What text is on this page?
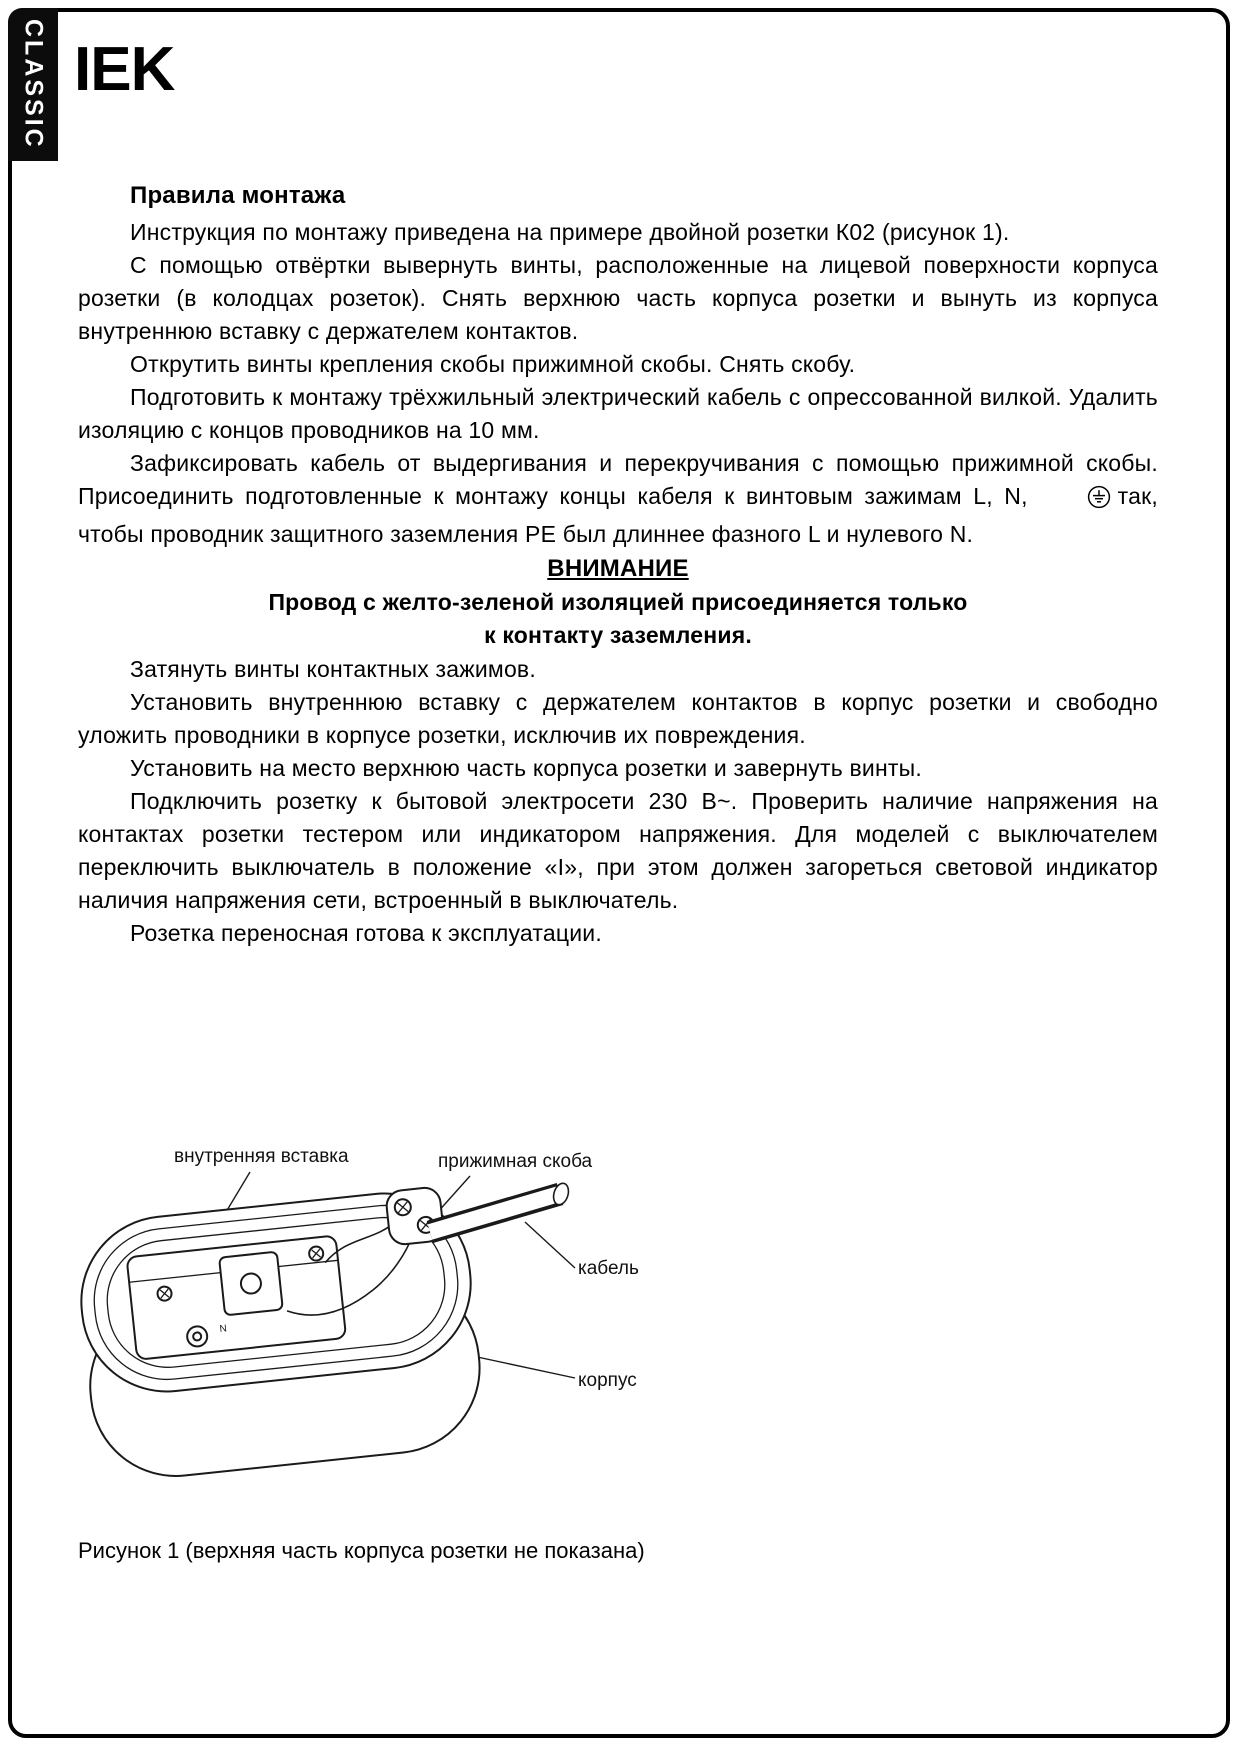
CLASSIC IEK
Правила монтажа

Инструкция по монтажу приведена на примере двойной розетки К02 (рисунок 1).

С помощью отвёртки вывернуть винты, расположенные на лицевой поверхности корпуса розетки (в колодцах розеток). Снять верхнюю часть корпуса розетки и вынуть из корпуса внутреннюю вставку с держателем контактов.

Открутить винты крепления скобы прижимной скобы. Снять скобу.

Подготовить к монтажу трёхжильный электрический кабель с опрессованной вилкой. Удалить изоляцию с концов проводников на 10 мм.

Зафиксировать кабель от выдергивания и перекручивания с помощью прижимной скобы. Присоединить подготовленные к монтажу концы кабеля к винтовым зажимам L, N,	так, чтобы проводник защитного заземления РЕ был длиннее фазного L и нулевого N.

ВНИМАНИЕ
Провод с желто-зеленой изоляцией присоединяется только к контакту заземления.

Затянуть винты контактных зажимов.

Установить внутреннюю вставку с держателем контактов в корпус розетки и свободно уложить проводники в корпусе розетки, исключив их повреждения.

Установить на место верхнюю часть корпуса розетки и завернуть винты.

Подключить розетку к бытовой электросети 230 В~. Проверить наличие напряжения на контактах розетки тестером или индикатором напряжения. Для моделей с выключателем переключить выключатель в положение «I», при этом должен загореться световой индикатор наличия напряжения сети, встроенный в выключатель.

Розетка переносная готова к эксплуатации.

N
внутренняя вставка	прижимная скоба
кабель
корпус
Рисунок 1 (верхняя часть корпуса розетки не показана)
